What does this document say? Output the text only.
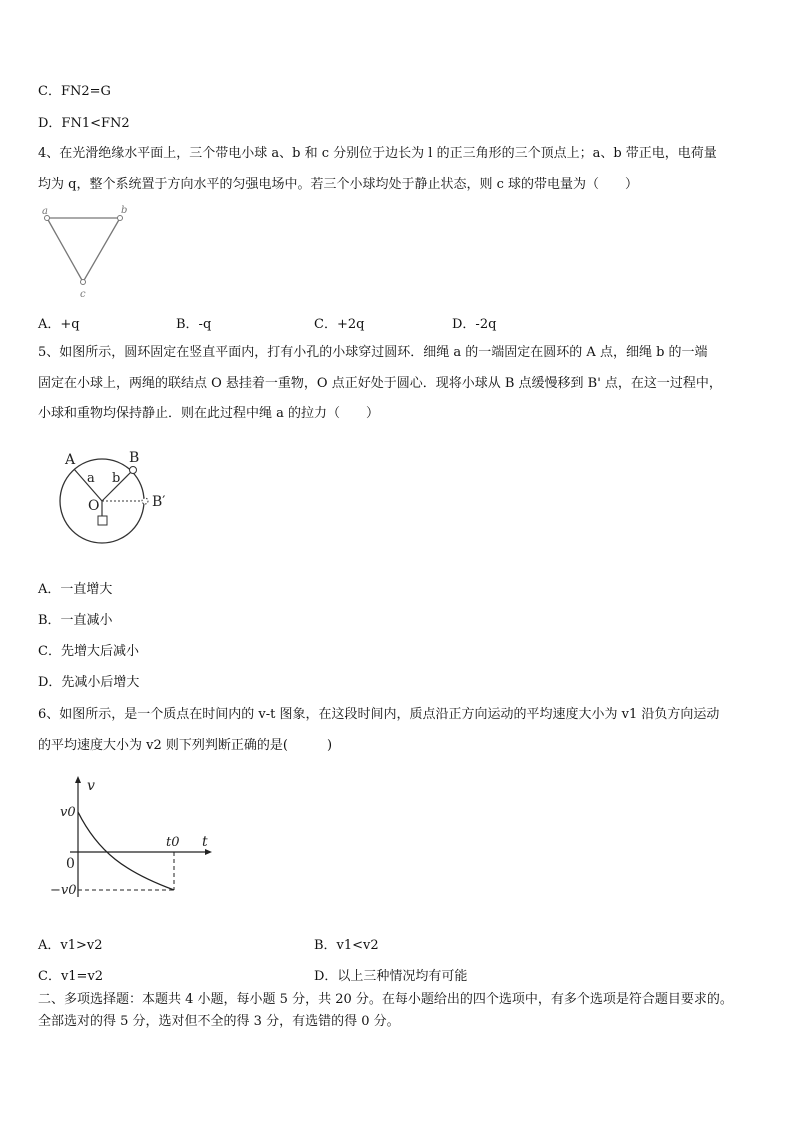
C．FN2=G
D．FN1<FN2
4、在光滑绝缘水平面上，三个带电小球 a、b 和 c 分别位于边长为 l 的正三角形的三个顶点上；a、b 带正电，电荷量
均为 q，整个系统置于方向水平的匀强电场中。若三个小球均处于静止状态，则 c 球的带电量为（　　）
a	b
c
A．+q	B．-q	C．+2q	D．-2q
5、如图所示，圆环固定在竖直平面内，打有小孔的小球穿过圆环．细绳 a 的一端固定在圆环的 A 点，细绳 b 的一端
固定在小球上，两绳的联结点 O 悬挂着一重物，O 点正好处于圆心．现将小球从 B 点缓慢移到 B' 点，在这一过程中，
小球和重物均保持静止．则在此过程中绳 a 的拉力（　　）
A	B
B′
O
a b
A．一直增大
B．一直减小
C．先增大后减小
D．先减小后增大
6、如图所示，是一个质点在时间内的 v-t 图象，在这段时间内，质点沿正方向运动的平均速度大小为 v1 沿负方向运动
的平均速度大小为 v2 则下列判断正确的是(　　　)
v
t
v0
−v0
t0
0
A．v1>v2	B．v1<v2
C．v1=v2	D．以上三种情况均有可能
二、多项选择题：本题共 4 小题，每小题 5 分，共 20 分。在每小题给出的四个选项中，有多个选项是符合题目要求的。
全部选对的得 5 分，选对但不全的得 3 分，有选错的得 0 分。
